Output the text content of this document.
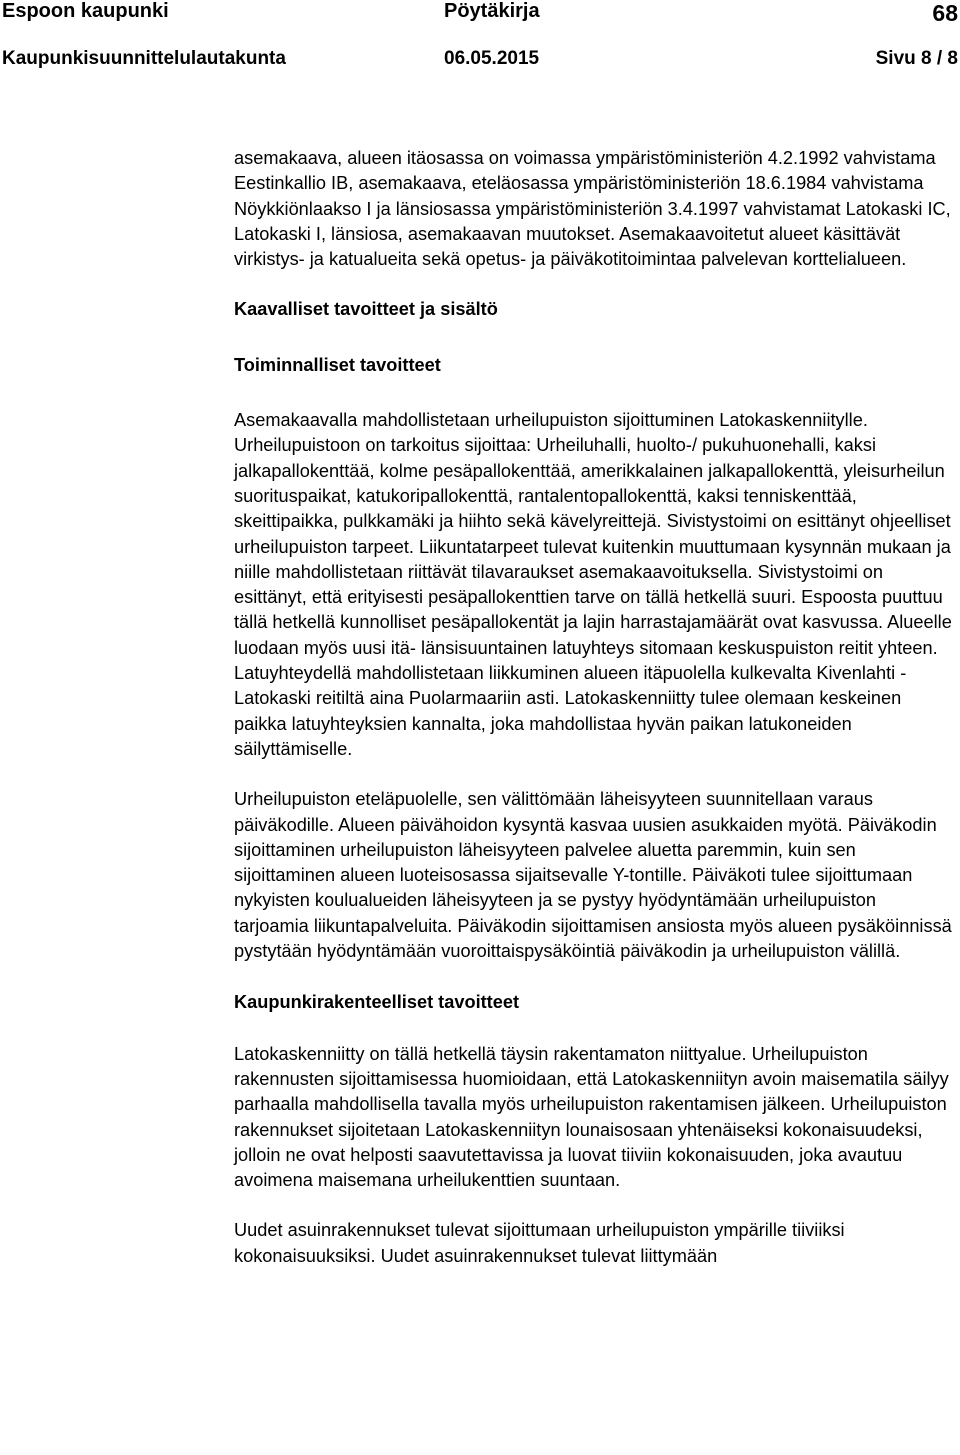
Espoon kaupunki	Pöytäkirja	68
Kaupunkisuunnittelulautakunta	06.05.2015	Sivu 8 / 8

asemakaava, alueen itäosassa on voimassa ympäristöministeriön 4.2.1992 vahvistama Eestinkallio IB, asemakaava, eteläosassa ympäristöministeriön 18.6.1984 vahvistama Nöykkiönlaakso I ja länsiosassa ympäristöministeriön 3.4.1997 vahvistamat Latokaski IC, Latokaski I, länsiosa, asemakaavan muutokset. Asemakaavoitetut alueet käsittävät virkistys- ja katualueita sekä opetus- ja päiväkotitoimintaa palvelevan korttelialueen.

Kaavalliset tavoitteet ja sisältö
Toiminnalliset tavoitteet

Asemakaavalla mahdollistetaan urheilupuiston sijoittuminen Latokaskenniitylle. Urheilupuistoon on tarkoitus sijoittaa: Urheiluhalli, huolto-/ pukuhuonehalli, kaksi jalkapallokenttää, kolme pesäpallokenttää, amerikkalainen jalkapallokenttä, yleisurheilun suorituspaikat, katukoripallokenttä, rantalentopallokenttä, kaksi tenniskenttää, skeittipaikka, pulkkamäki ja hiihto sekä kävelyreittejä. Sivistystoimi on esittänyt ohjeelliset urheilupuiston tarpeet. Liikuntatarpeet tulevat kuitenkin muuttumaan kysynnän mukaan ja niille mahdollistetaan riittävät tilavaraukset asemakaavoituksella. Sivistystoimi on esittänyt, että erityisesti pesäpallokenttien tarve on tällä hetkellä suuri. Espoosta puuttuu tällä hetkellä kunnolliset pesäpallokentät ja lajin harrastajamäärät ovat kasvussa. Alueelle luodaan myös uusi itä- länsisuuntainen latuyhteys sitomaan keskuspuiston reitit yhteen. Latuyhteydellä mahdollistetaan liikkuminen alueen itäpuolella kulkevalta Kivenlahti - Latokaski reitiltä aina Puolarmaariin asti. Latokaskenniitty tulee olemaan keskeinen paikka latuyhteyksien kannalta, joka mahdollistaa hyvän paikan latukoneiden säilyttämiselle.

Urheilupuiston eteläpuolelle, sen välittömään läheisyyteen suunnitellaan varaus päiväkodille. Alueen päivähoidon kysyntä kasvaa uusien asukkaiden myötä. Päiväkodin sijoittaminen urheilupuiston läheisyyteen palvelee aluetta paremmin, kuin sen sijoittaminen alueen luoteisosassa sijaitsevalle Y-tontille. Päiväkoti tulee sijoittumaan nykyisten koulualueiden läheisyyteen ja se pystyy hyödyntämään urheilupuiston tarjoamia liikuntapalveluita. Päiväkodin sijoittamisen ansiosta myös alueen pysäköinnissä pystytään hyödyntämään vuoroittaispysäköintiä päiväkodin ja urheilupuiston välillä.

Kaupunkirakenteelliset tavoitteet

Latokaskenniitty on tällä hetkellä täysin rakentamaton niittyalue. Urheilupuiston rakennusten sijoittamisessa huomioidaan, että Latokaskenniityn avoin maisematila säilyy parhaalla mahdollisella tavalla myös urheilupuiston rakentamisen jälkeen. Urheilupuiston rakennukset sijoitetaan Latokaskenniityn lounaisosaan yhtenäiseksi kokonaisuudeksi, jolloin ne ovat helposti saavutettavissa ja luovat tiiviin kokonaisuuden, joka avautuu avoimena maisemana urheilukenttien suuntaan.

Uudet asuinrakennukset tulevat sijoittumaan urheilupuiston ympärille tiiviiksi kokonaisuuksiksi. Uudet asuinrakennukset tulevat liittymään
